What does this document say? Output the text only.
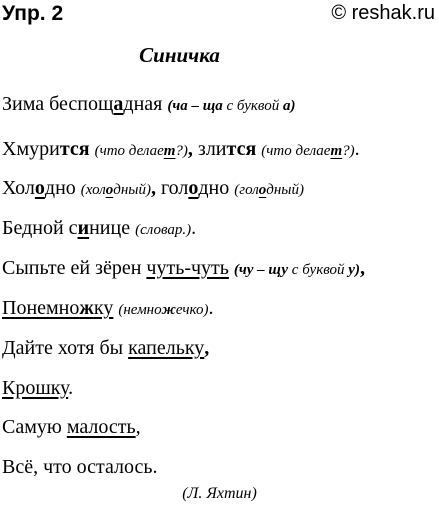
Упр. 2	© reshak.ru
Синичка
Зима беспощадная (ча – ща с буквой а)
Хмурится (что делает?), злится (что делает?).
Холодно (холодный), голодно (голодный)
Бедной синице (словар.).
Сыпьте ей зёрен чуть-чуть (чу – щу с буквой у),
Понемножку (немножечко).
Дайте хотя бы капельку,
Крошку.
Самую малость,
Всё, что осталось.
(Л. Яхтин)
